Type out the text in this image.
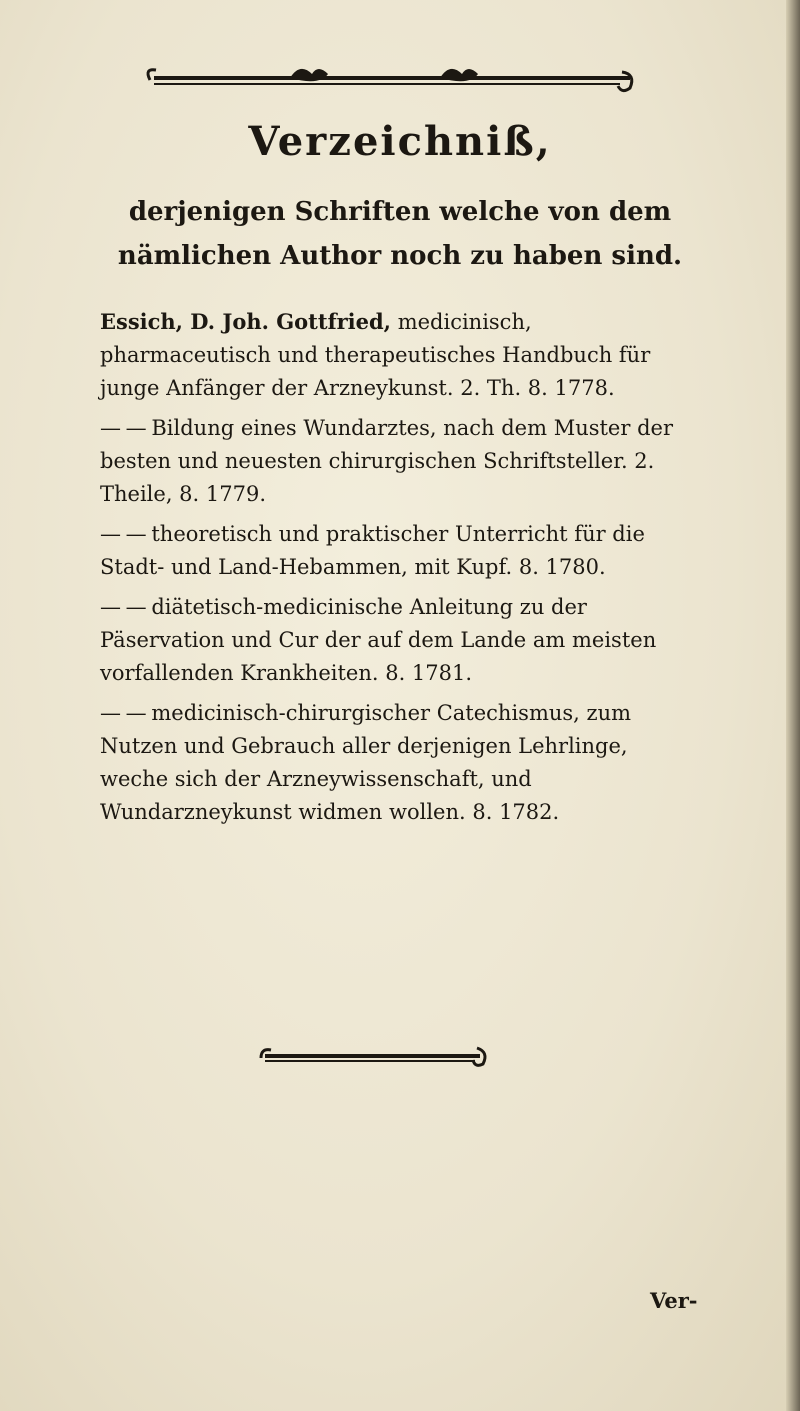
Verzeichniß,
derjenigen Schriften welche von dem nämlichen Author noch zu haben sind.

Essich, D. Joh. Gottfried, medicinisch, pharmaceutisch und therapeutisches Handbuch für junge Anfänger der Arzneykunst. 2. Th. 8. 1778.

— — Bildung eines Wundarztes, nach dem Muster der besten und neuesten chirurgischen Schriftsteller. 2. Theile, 8. 1779.

— — theoretisch und praktischer Unterricht für die Stadt- und Land-Hebammen, mit Kupf. 8. 1780.

— — diätetisch-medicinische Anleitung zu der Päservation und Cur der auf dem Lande am meisten vorfallenden Krankheiten. 8. 1781.

— — medicinisch-chirurgischer Catechismus, zum Nutzen und Gebrauch aller derjenigen Lehrlinge, weche sich der Arzneywissenschaft, und Wundarzneykunst widmen wollen. 8. 1782.

Ver-
